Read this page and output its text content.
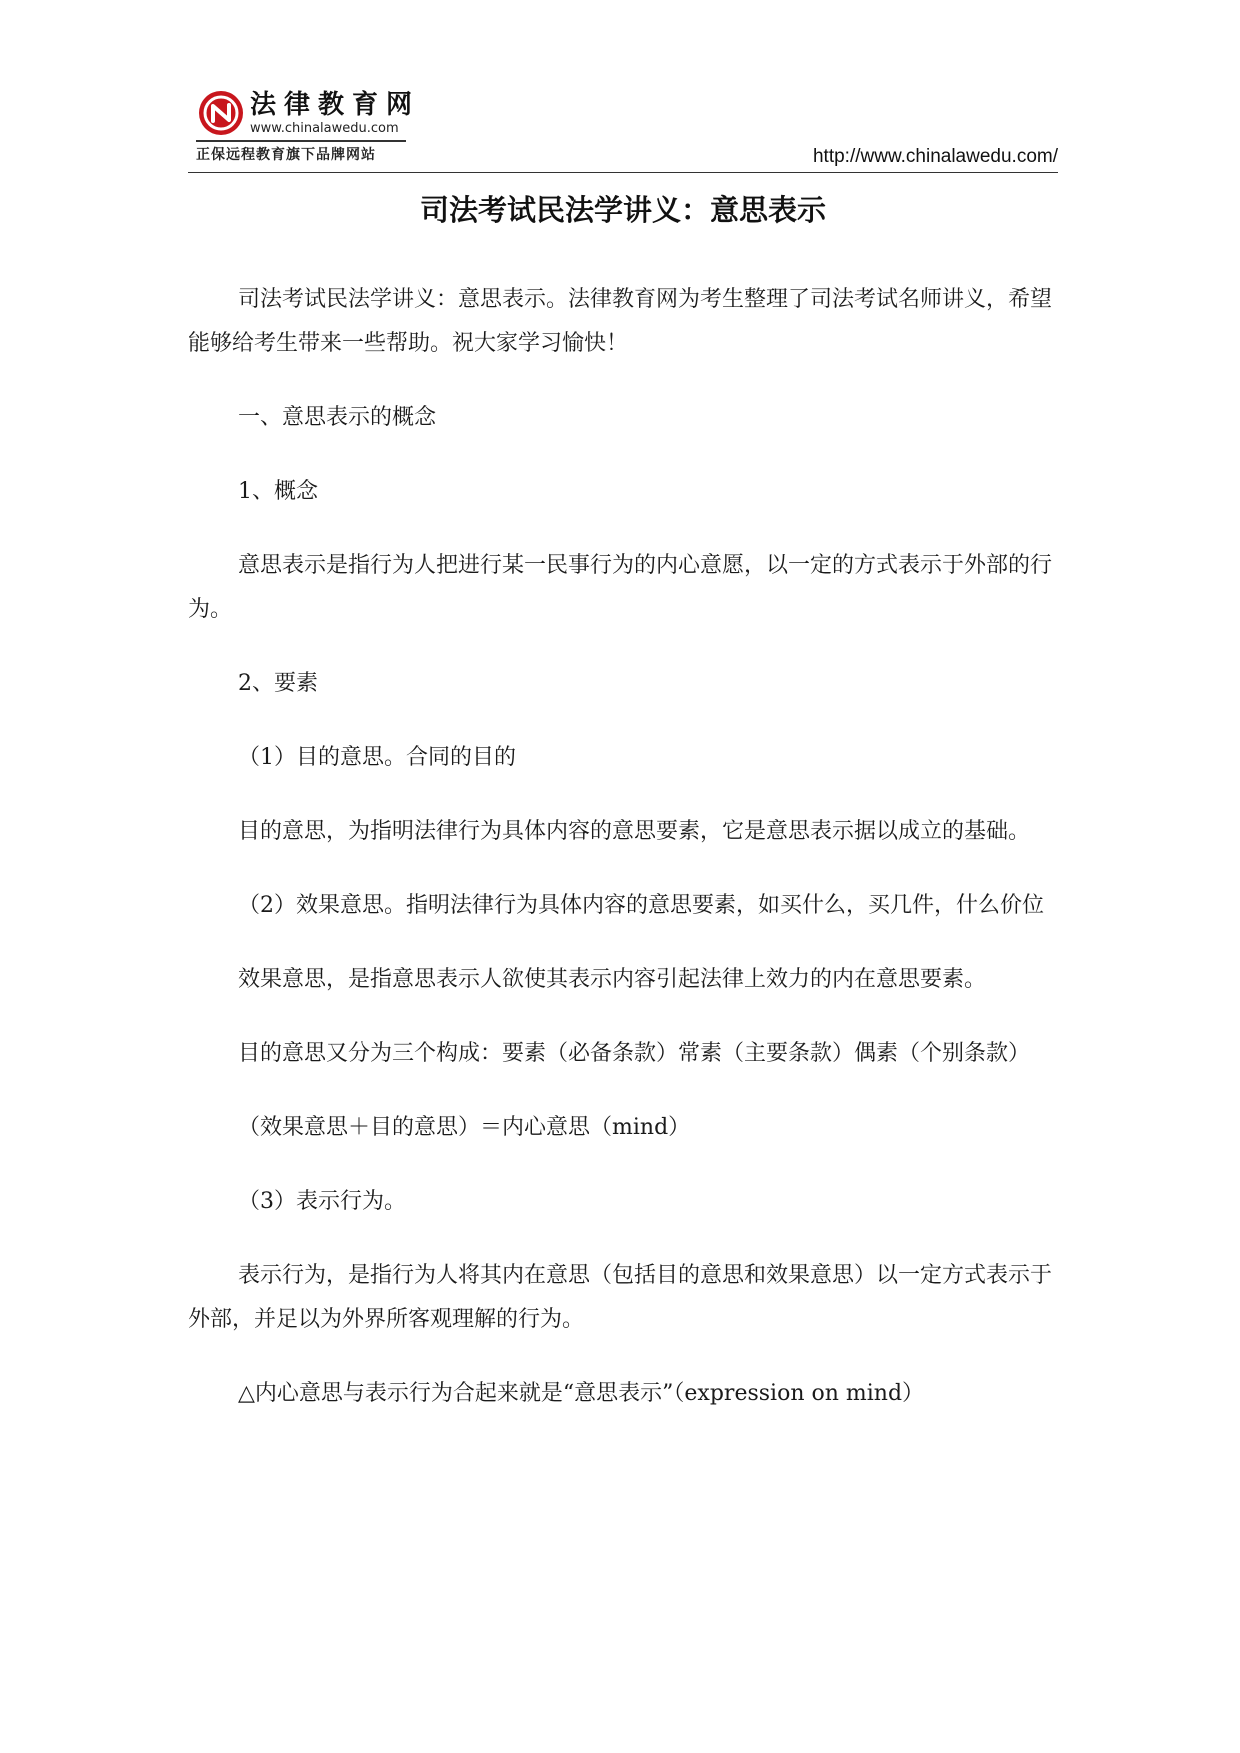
法律教育网
www.chinalawedu.com
正保远程教育旗下品牌网站	http://www.chinalawedu.com/
司法考试民法学讲义：意思表示

司法考试民法学讲义：意思表示。法律教育网为考生整理了司法考试名师讲义，希望能够给考生带来一些帮助。祝大家学习愉快！

一、意思表示的概念

1、概念

意思表示是指行为人把进行某一民事行为的内心意愿，以一定的方式表示于外部的行为。

2、要素

（1）目的意思。合同的目的

目的意思，为指明法律行为具体内容的意思要素，它是意思表示据以成立的基础。

（2）效果意思。指明法律行为具体内容的意思要素，如买什么，买几件，什么价位

效果意思，是指意思表示人欲使其表示内容引起法律上效力的内在意思要素。

目的意思又分为三个构成：要素（必备条款）常素（主要条款）偶素（个别条款）

（效果意思＋目的意思）＝内心意思（mind）

（3）表示行为。

表示行为，是指行为人将其内在意思（包括目的意思和效果意思）以一定方式表示于外部，并足以为外界所客观理解的行为。

△内心意思与表示行为合起来就是“意思表示”（expression on mind）
